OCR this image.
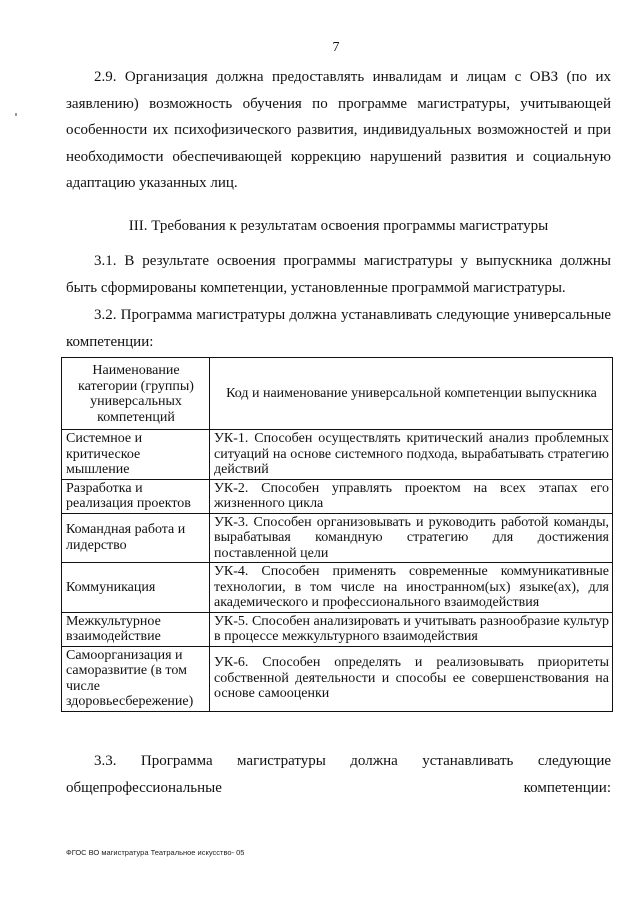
7

2.9. Организация должна предоставлять инвалидам и лицам с ОВЗ (по их заявлению) возможность обучения по программе магистратуры, учитывающей особенности их психофизического развития, индивидуальных возможностей и при необходимости обеспечивающей коррекцию нарушений развития и социальную адаптацию указанных лиц.

III. Требования к результатам освоения программы магистратуры

3.1. В результате освоения программы магистратуры у выпускника должны быть сформированы компетенции, установленные программой магистратуры.

3.2. Программа магистратуры должна устанавливать следующие универсальные компетенции:

Наименование категории (группы) универсальных компетенций	Код и наименование универсальной компетенции выпускника
Системное и критическое мышление	УК-1. Способен осуществлять критический анализ проблемных ситуаций на основе системного подхода, вырабатывать стратегию действий
Разработка и реализация проектов	УК-2. Способен управлять проектом на всех этапах его жизненного цикла
Командная работа и лидерство	УК-3. Способен организовывать и руководить работой команды, вырабатывая командную стратегию для достижения поставленной цели
Коммуникация	УК-4. Способен применять современные коммуникативные технологии, в том числе на иностранном(ых) языке(ах), для академического и профессионального взаимодействия
Межкультурное взаимодействие	УК-5. Способен анализировать и учитывать разнообразие культур в процессе межкультурного взаимодействия
Самоорганизация и саморазвитие (в том числе здоровьесбережение)	УК-6. Способен определять и реализовывать приоритеты собственной деятельности и способы ее совершенствования на основе самооценки

3.3. Программа магистратуры должна устанавливать следующие общепрофессиональные компетенции:

ФГОС ВО магистратура Театральное искусство- 05
